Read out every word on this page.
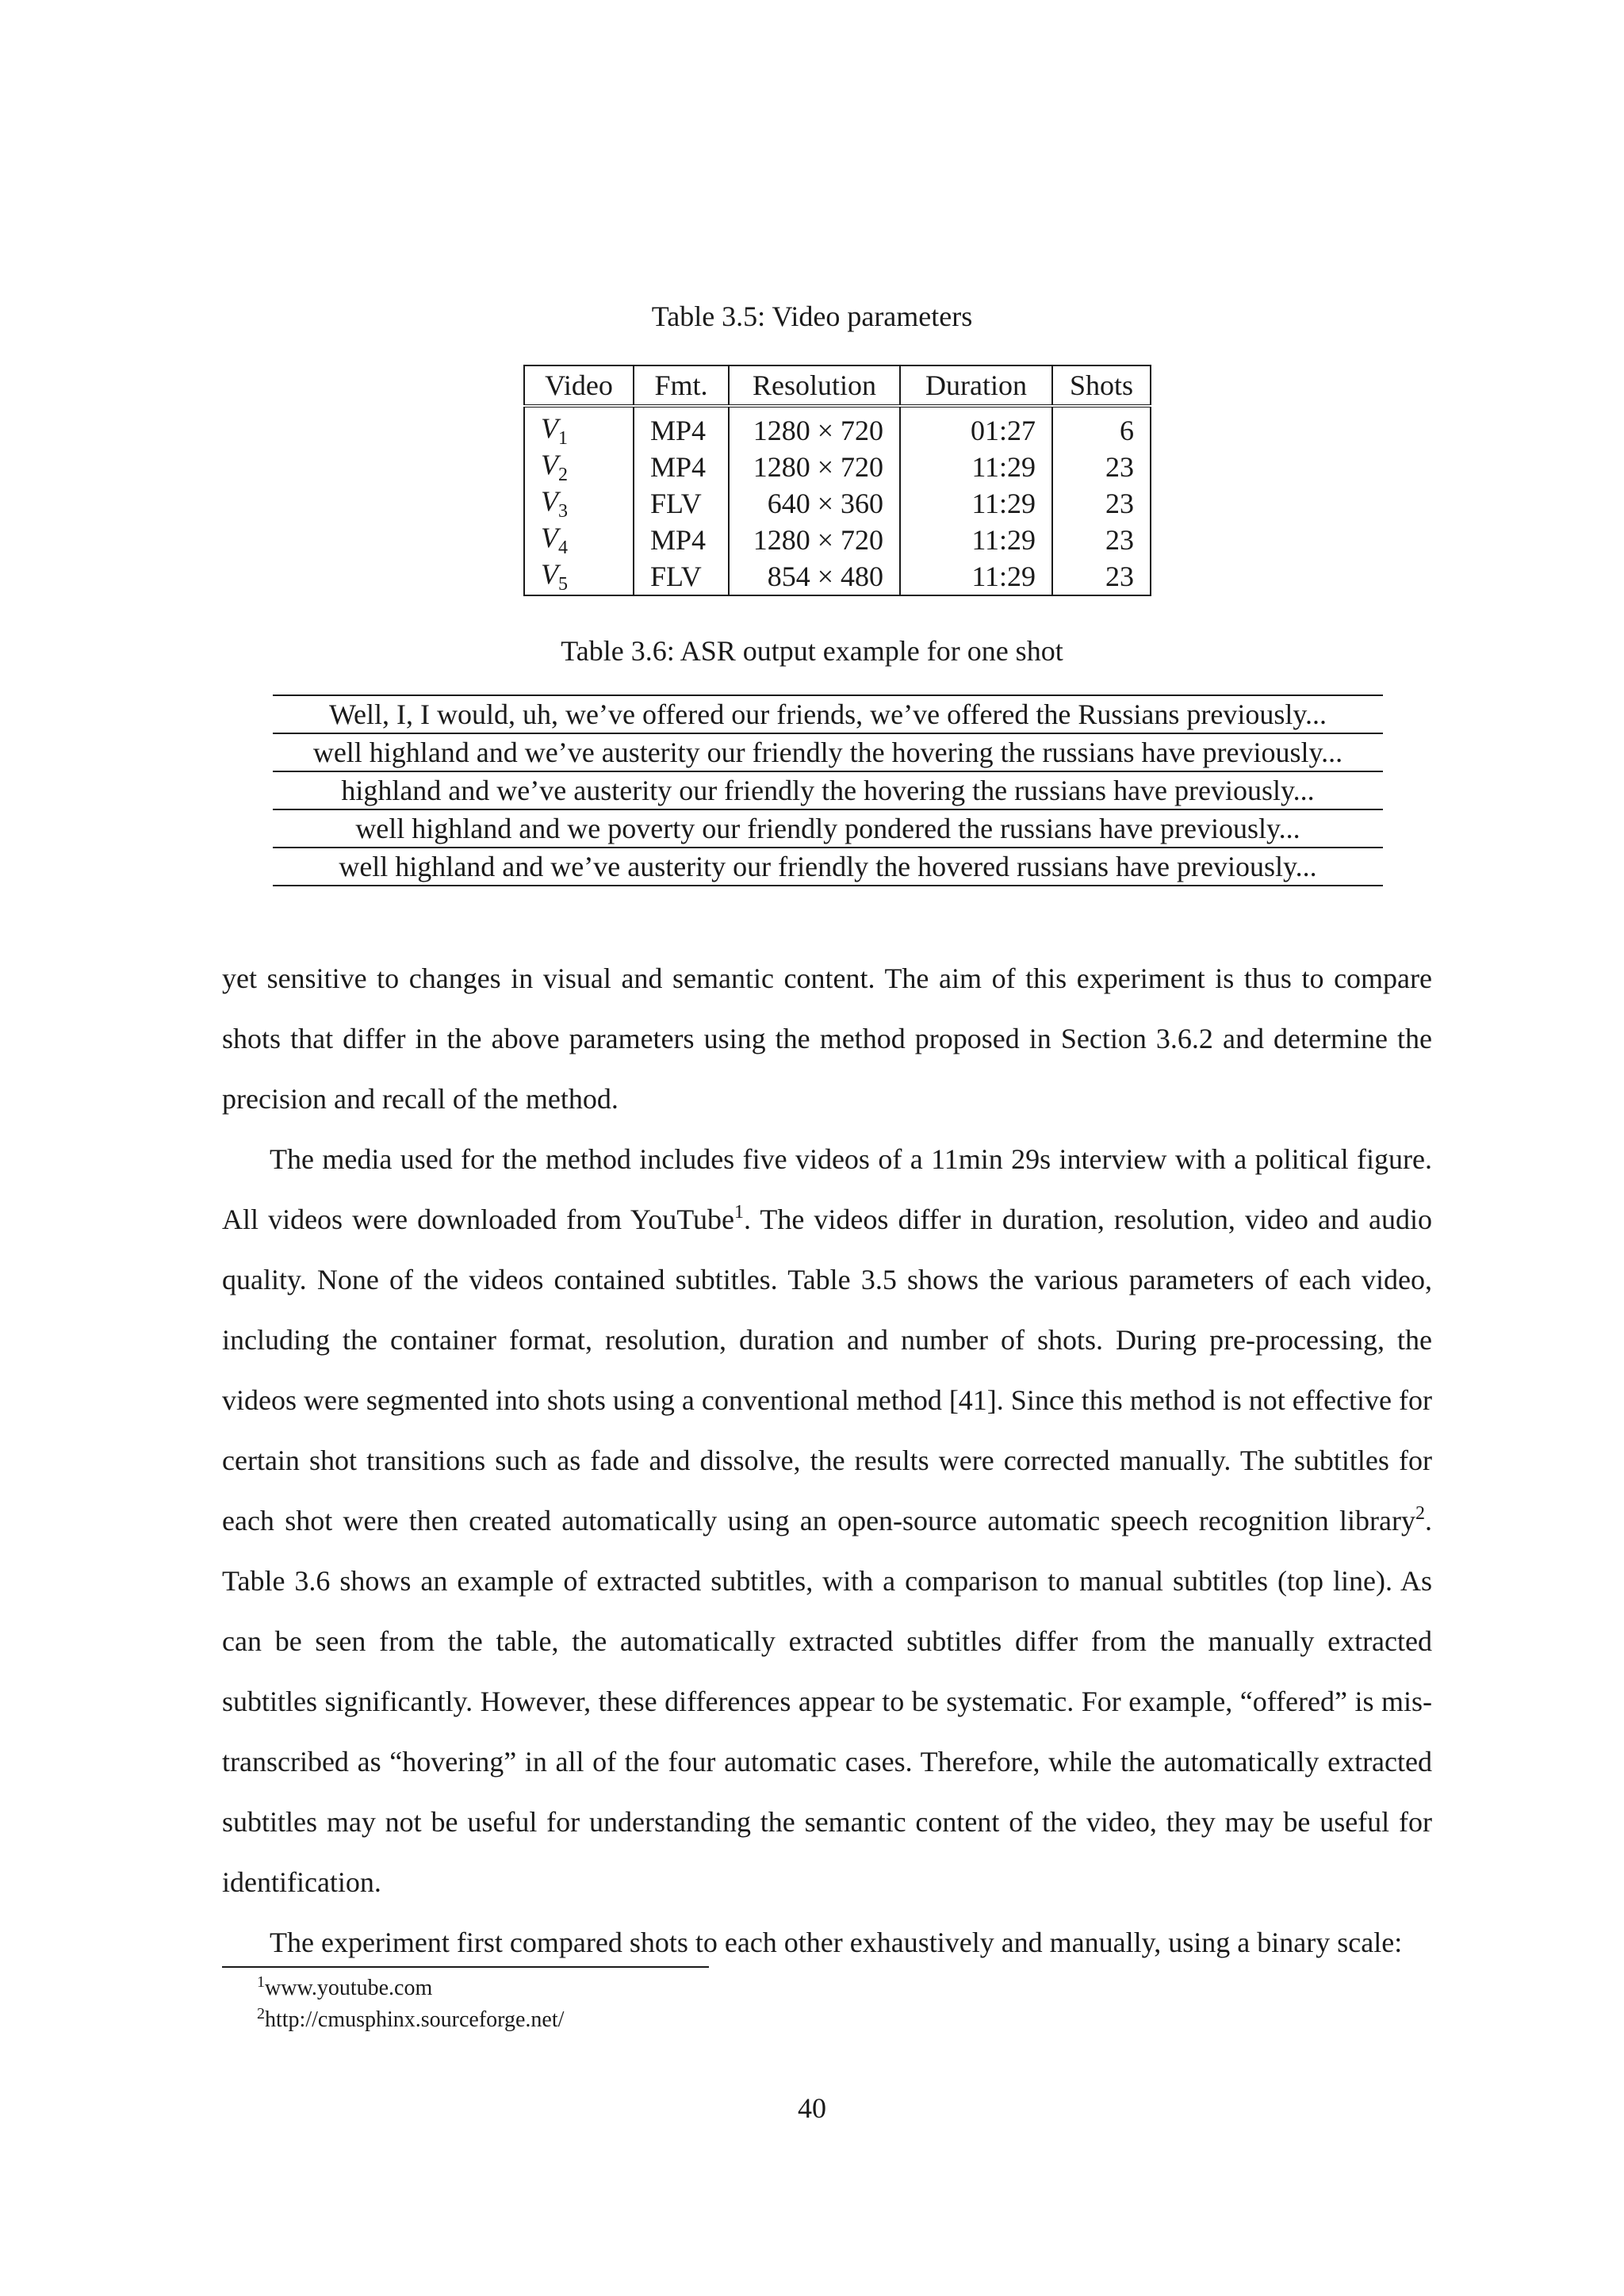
Table 3.5: Video parameters
Video	Fmt.	Resolution	Duration	Shots
$V_1$	MP4	1280 × 720	01:27	6
$V_2$	MP4	1280 × 720	11:29	23
$V_3$	FLV	640 × 360	11:29	23
$V_4$	MP4	1280 × 720	11:29	23
$V_5$	FLV	854 × 480	11:29	23
Table 3.6: ASR output example for one shot
Well, I, I would, uh, we’ve offered our friends, we’ve offered the Russians previously...
well highland and we’ve austerity our friendly the hovering the russians have previously...
highland and we’ve austerity our friendly the hovering the russians have previously...
well highland and we poverty our friendly pondered the russians have previously...
well highland and we’ve austerity our friendly the hovered russians have previously...

yet sensitive to changes in visual and semantic content. The aim of this experiment is thus to compare shots that differ in the above parameters using the method proposed in Section 3.6.2 and determine the precision and recall of the method.

The media used for the method includes five videos of a 11min 29s interview with a political figure. All videos were downloaded from YouTube$^1$. The videos differ in duration, resolution, video and audio quality. None of the videos contained subtitles. Table 3.5 shows the various parameters of each video, including the container format, resolution, duration and number of shots. During pre-processing, the videos were segmented into shots using a conventional method [41]. Since this method is not effective for certain shot transitions such as fade and dissolve, the results were corrected manually. The subtitles for each shot were then created automatically using an open-source automatic speech recognition library$^2$. Table 3.6 shows an example of extracted subtitles, with a comparison to manual subtitles (top line). As can be seen from the table, the automatically extracted subtitles differ from the manually extracted subtitles significantly. However, these differences appear to be systematic. For example, “offered” is mis-transcribed as “hovering” in all of the four automatic cases. Therefore, while the automatically extracted subtitles may not be useful for understanding the semantic content of the video, they may be useful for identification.

The experiment first compared shots to each other exhaustively and manually, using a binary scale:

$^1$www.youtube.com
$^2$http://cmusphinx.sourceforge.net/
40
